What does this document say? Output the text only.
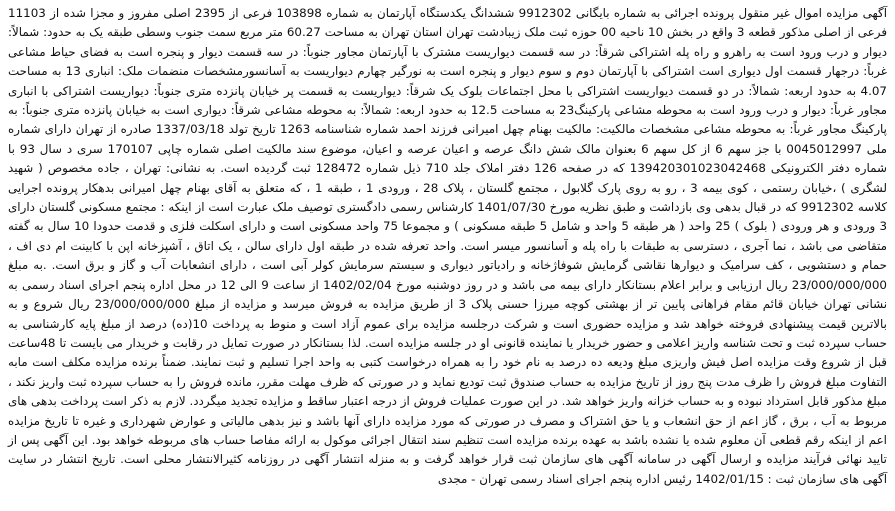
آگهی مزایده اموال غیر منقول پرونده اجرائی به شماره بایگانی 9912302 ششدانگ یکدستگاه آپارتمان به شماره 103898 فرعی از 2395 اصلی مفروز و مجزا شده از 11103 فرعی از اصلی مذکور قطعه 3 واقع در بخش 10 ناحیه 00 حوزه ثبت ملک زیبادشت تهران استان تهران به مساحت 60.27 متر مربع سمت جنوب وسطی طبقه یک به حدود: شمالاً: دیوار و درب ورود است به راهرو و راه پله اشتراکی شرقاً: در سه قسمت دیواریست مشترک با آپارتمان مجاور جنوباً: در سه قسمت دیوار و پنجره است به فضای حیاط مشاعی غرباً: درجهار قسمت اول دیواری است اشتراکی با آپارتمان دوم و سوم دیوار و پنجره است به نورگیر چهارم دیواریست به آسانسورمشخصات منضمات ملک: انباری 13 به مساحت 4.07 به حدود اربعه: شمالاً: در دو قسمت دیواریست اشتراکی با محل اجتماعات بلوک یک شرقاً: دیواریست به قسمت پر خیابان پانزده متری جنوباً: دیواریست اشتراکی با انباری مجاور غرباً: دیوار و درب ورود است به محوطه مشاعی پارکینگ23 به مساحت 12.5 به حدود اربعه: شمالاً: به محوطه مشاعی شرقاً: دیواری است به خیابان پانزده متری جنوباً: به پارکینگ مجاور غرباً: به محوطه مشاعی مشخصات مالکیت: مالکیت بهنام چهل امیرانی فرزند احمد شماره شناسنامه 1263 تاریخ تولد 1337/03/18 صادره از تهران دارای شماره ملی 0045012997 با جز سهم 6 از کل سهم 6 بعنوان مالک شش دانگ عرصه و اعیان عرصه و اعیان، موضوع سند مالکیت اصلی شماره چاپی 170107 سری د سال 93 با شماره دفتر الکترونیکی 139420301023042468 که در صفحه 126 دفتر املاک جلد 710 ذیل شماره 128472 ثبت گردیده است. به نشانی: تهران ، جاده مخصوص ( شهید لشگری ) ،خیابان رستمی ، کوی بیمه 3 ، رو به روی پارک گلابول ، مجتمع گلستان ، پلاک 28 ، ورودی 1 ، طبقه 1 ، که متعلق به آقای بهنام چهل امیرانی بدهکار پرونده اجرایی کلاسه 9912302 که در قبال بدهی وی بازداشت و طبق نظریه مورخ 1401/07/30 کارشناس رسمی دادگستری توصیف ملک عبارت است از اینکه : مجتمع مسکونی گلستان دارای 3 ورودی و هر ورودی ( بلوک ) 25 واحد ( هر طبقه 5 واحد و شامل 5 طبقه مسکونی ) و مجموعا 75 واحد مسکونی است و دارای اسکلت فلزی و قدمت حدودا 10 سال به گفته متقاضی می باشد ، نما آجری ، دسترسی به طبقات با راه پله و آسانسور میسر است. واحد تعرفه شده در طبقه اول دارای سالن ، یک اتاق ، آشپزخانه اپن با کابینت ام دی اف ، حمام و دستشویی ، کف سرامیک و دیوارها نقاشی گرمایش شوفاژخانه و رادیاتور دیواری و سیستم سرمایش کولر آبی است ، دارای انشعابات آب و گاز و برق است. .به مبلغ 23/000/000/000 ریال ارزیابی و برابر اعلام بستانکار دارای بیمه می باشد و در روز دوشنبه مورخ 1402/02/04 از ساعت 9 الی 12 در محل اداره پنجم اجرای اسناد رسمی به نشانی تهران خیابان قائم مقام فراهانی پایین تر از بهشتی کوچه میرزا حسنی پلاک 3 از طریق مزایده به فروش میرسد و مزایده از مبلغ 23/000/000/000 ریال شروع و به بالاترین قیمت پیشنهادی فروخته خواهد شد و مزایده حضوری است و شرکت درجلسه مزایده برای عموم آزاد است و منوط به پرداخت 10(ده) درصد از مبلغ پایه کارشناسی به حساب سپرده ثبت و تحت شناسه واریز اعلامی و حضور خریدار یا نماینده قانونی او در جلسه مزایده است. لذا بستانکار در صورت تمایل در رقابت و خریدار می بایست تا 48ساعت قبل از شروع وقت مزایده اصل فیش واریزی مبلغ ودیعه ده درصد به نام خود را به همراه درخواست کتبی به واحد اجرا تسلیم و ثبت نمایند. ضمناً برنده مزایده مکلف است مابه التفاوت مبلغ فروش را ظرف مدت پنج روز از تاریخ مزایده به حساب صندوق ثبت تودیع نماید و در صورتی که ظرف مهلت مقرر، مانده فروش را به حساب سپرده ثبت واریز نکند ، مبلغ مذکور قابل استرداد نبوده و به حساب خزانه واریز خواهد شد. در این صورت عملیات فروش از درجه اعتبار ساقط و مزایده تجدید میگردد. لازم به ذکر است پرداخت بدهی های مربوط به آب ، برق ، گاز اعم از حق انشعاب و یا حق اشتراک و مصرف در صورتی که مورد مزایده دارای آنها باشد و نیز بدهی مالیاتی و عوارض شهرداری و غیره تا تاریخ مزایده اعم از اینکه رقم قطعی آن معلوم شده یا نشده باشد به عهده برنده مزایده است تنظیم سند انتقال اجرائی موکول به ارائه مفاصا حساب های مربوطه خواهد بود. این آگهی پس از تایید نهائی فرآیند مزایده و ارسال آگهی در سامانه آگهی های سازمان ثبت قرار خواهد گرفت و به منزله انتشار آگهی در روزنامه کثیرالانتشار محلی است. تاریخ انتشار در سایت آگهی های سازمان ثبت : 1402/01/15 رئیس اداره پنجم اجرای اسناد رسمی تهران - مجدی
